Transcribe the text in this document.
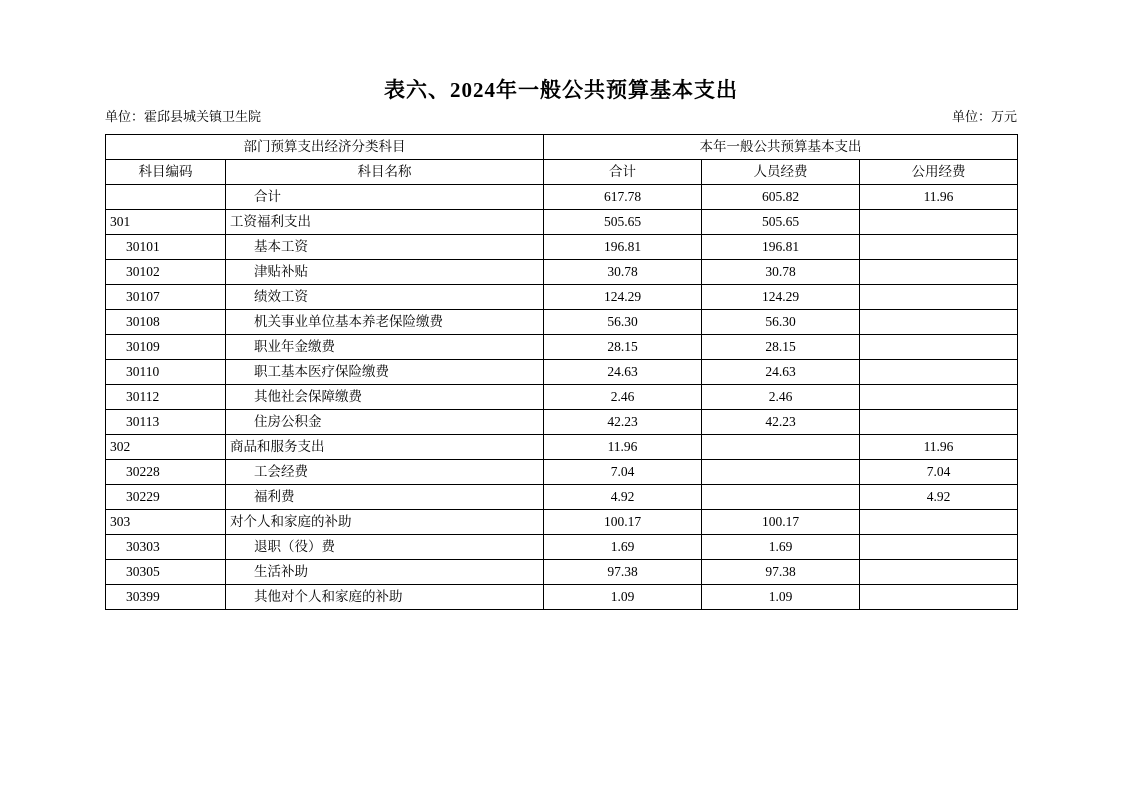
表六、2024年一般公共预算基本支出
单位：霍邱县城关镇卫生院	单位：万元
部门预算支出经济分类科目		本年一般公共预算基本支出		
科目编码	科目名称	合计	人员经费	公用经费
	合计	617.78	605.82	11.96
301	工资福利支出	505.65	505.65	
30101	基本工资	196.81	196.81	
30102	津贴补贴	30.78	30.78	
30107	绩效工资	124.29	124.29	
30108	机关事业单位基本养老保险缴费	56.30	56.30	
30109	职业年金缴费	28.15	28.15	
30110	职工基本医疗保险缴费	24.63	24.63	
30112	其他社会保障缴费	2.46	2.46	
30113	住房公积金	42.23	42.23	
302	商品和服务支出	11.96		11.96
30228	工会经费	7.04		7.04
30229	福利费	4.92		4.92
303	对个人和家庭的补助	100.17	100.17	
30303	退职（役）费	1.69	1.69	
30305	生活补助	97.38	97.38	
30399	其他对个人和家庭的补助	1.09	1.09	
